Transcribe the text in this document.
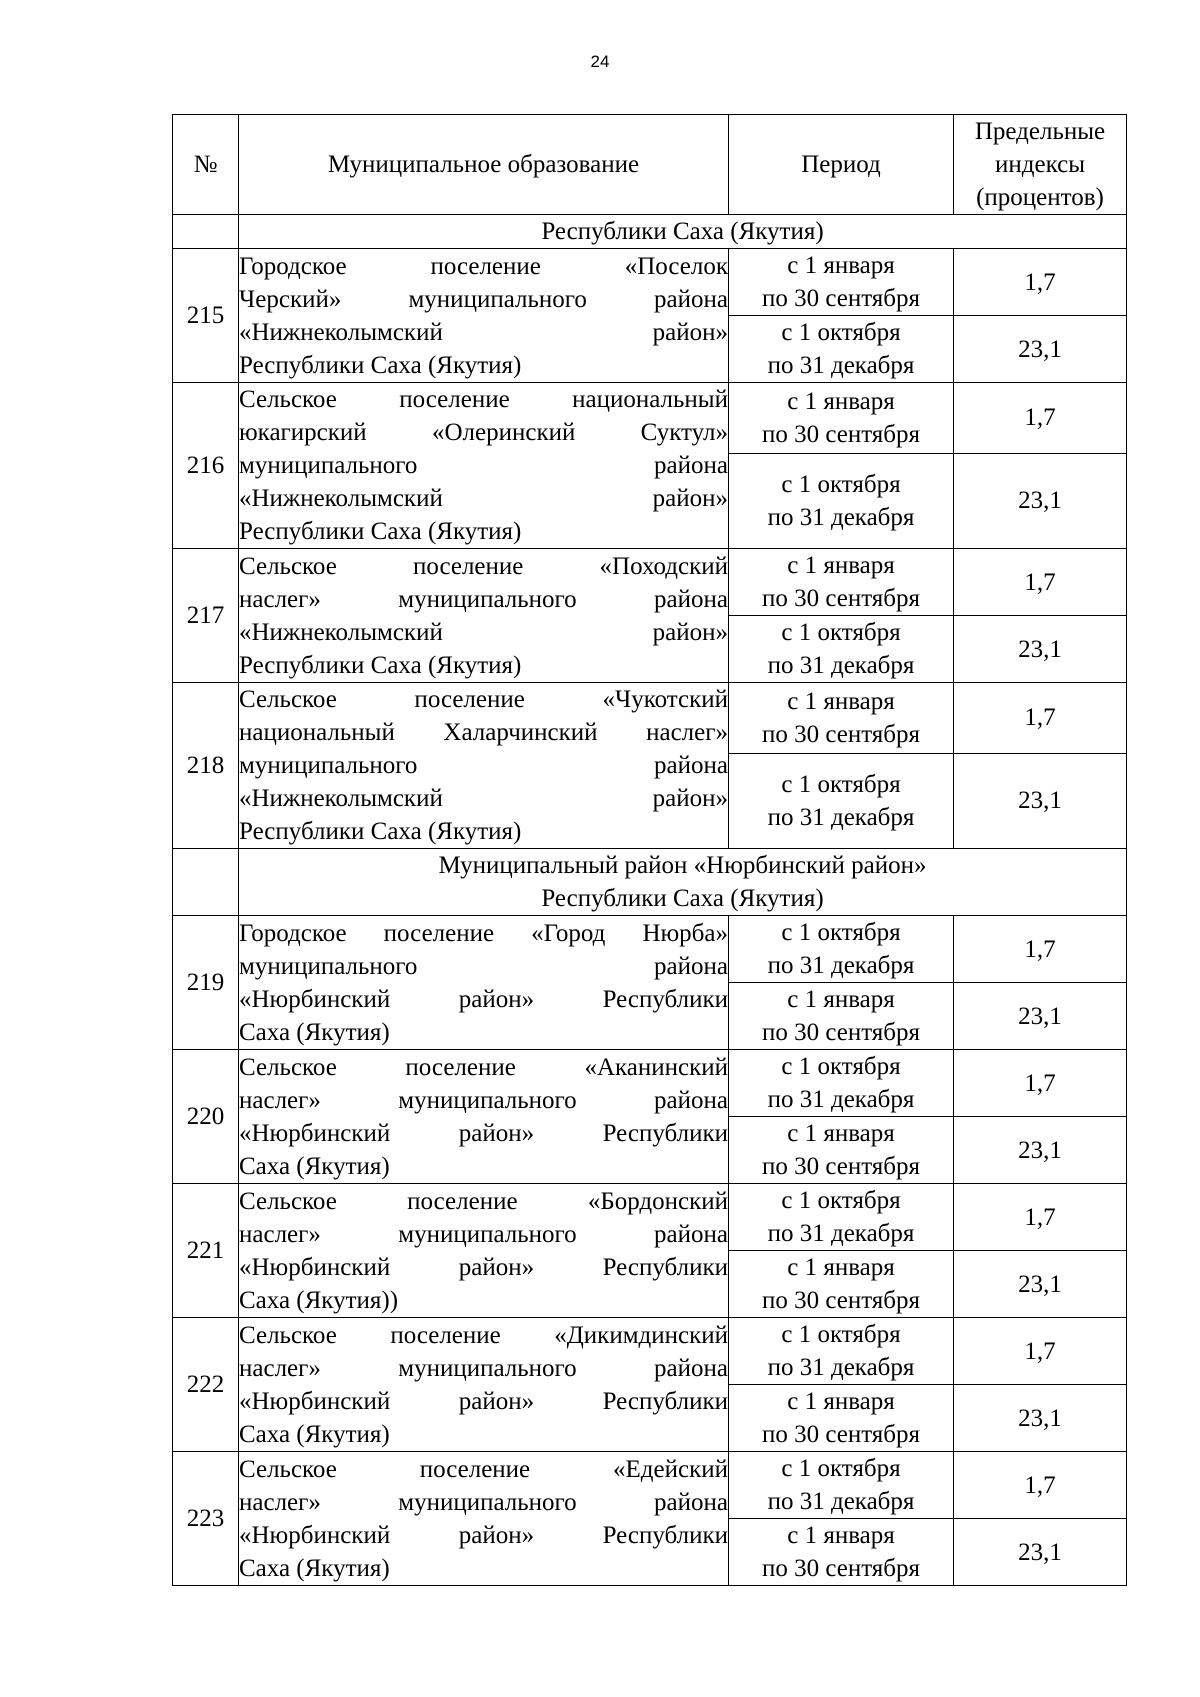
24
№	Муниципальное образование	Период	Предельные
индексы
(процентов)

	Республики Саха (Якутия)		

215	Городское поселение «Поселок
Черский» муниципального района
«Нижнеколымский район»
Республики Саха (Якутия)	с 1 января
по 30 сентября	1,7

		с 1 октября
по 31 декабря	23,1
216	Сельское поселение национальный
юкагирский «Олеринский Суктул»
муниципального района
«Нижнеколымский район»
Республики Саха (Якутия)	с 1 января
по 30 сентября	1,7

		с 1 октября
по 31 декабря	23,1
217	Сельское поселение «Походский
наслег» муниципального района
«Нижнеколымский район»
Республики Саха (Якутия)	с 1 января
по 30 сентября	1,7

		с 1 октября
по 31 декабря	23,1
218	Сельское поселение «Чукотский
национальный Халарчинский наслег»
муниципального района
«Нижнеколымский район»
Республики Саха (Якутия)	с 1 января
по 30 сентября	1,7

		с 1 октября
по 31 декабря	23,1

	Муниципальный район «Нюрбинский район»
Республики Саха (Якутия)		

219	Городское поселение «Город Нюрба»
муниципального района
«Нюрбинский район» Республики
Саха (Якутия)	с 1 октября
по 31 декабря	1,7

		с 1 января
по 30 сентября	23,1
220	Сельское поселение «Аканинский
наслег» муниципального района
«Нюрбинский район» Республики
Саха (Якутия)	с 1 октября
по 31 декабря	1,7

		с 1 января
по 30 сентября	23,1
221	Сельское поселение «Бордонский
наслег» муниципального района
«Нюрбинский район» Республики
Саха (Якутия))	с 1 октября
по 31 декабря	1,7

		с 1 января
по 30 сентября	23,1
222	Сельское поселение «Дикимдинский
наслег» муниципального района
«Нюрбинский район» Республики
Саха (Якутия)	с 1 октября
по 31 декабря	1,7

		с 1 января
по 30 сентября	23,1
223	Сельское поселение «Едейский
наслег» муниципального района
«Нюрбинский район» Республики
Саха (Якутия)	с 1 октября
по 31 декабря	1,7

		с 1 января
по 30 сентября	23,1
